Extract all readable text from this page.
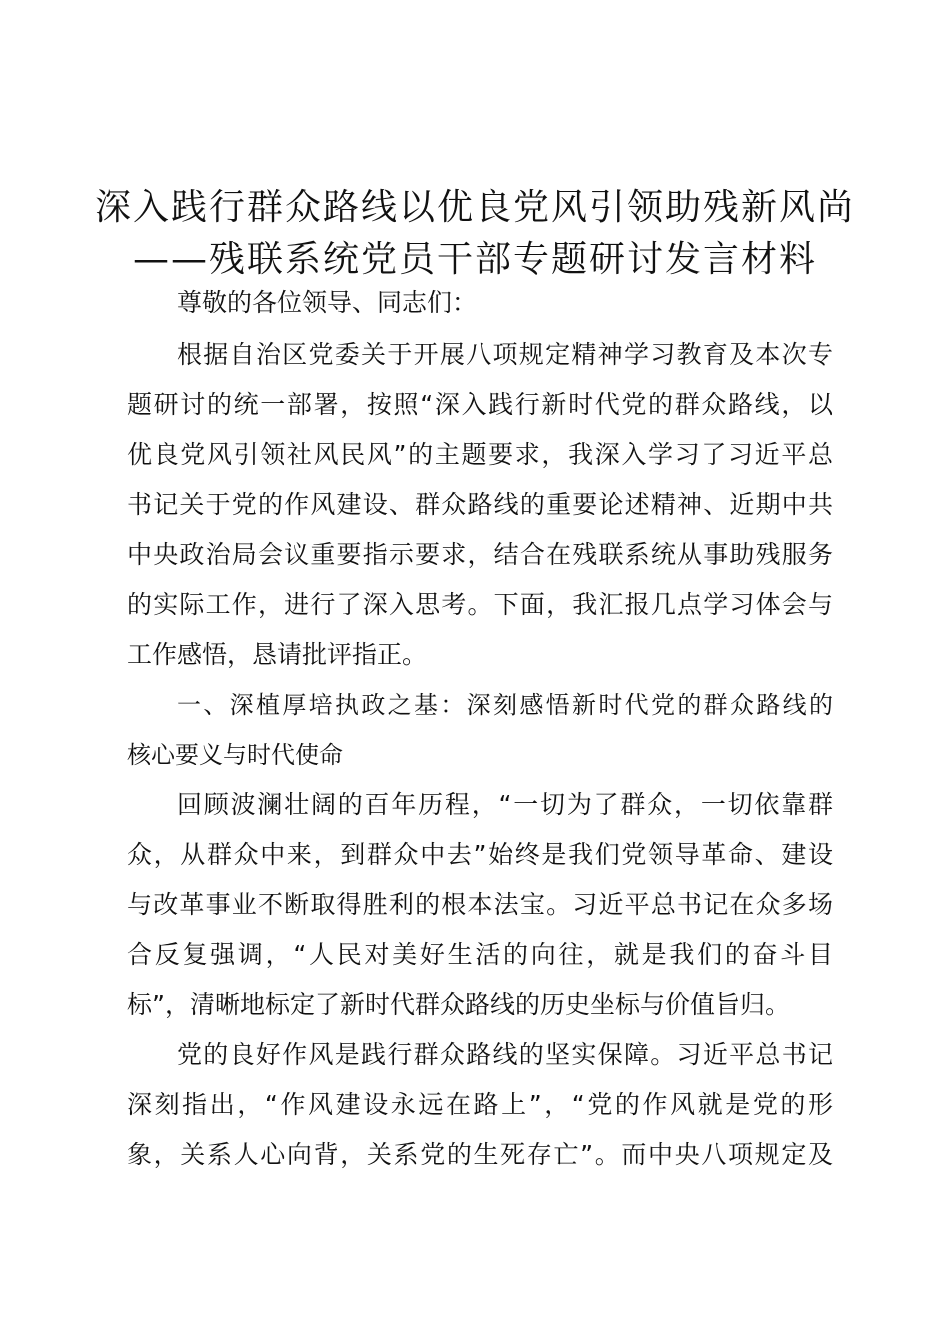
深入践行群众路线以优良党风引领助残新风尚
——残联系统党员干部专题研讨发言材料
尊敬的各位领导、同志们：
根据自治区党委关于开展八项规定精神学习教育及本次专
题研讨的统一部署，按照“深入践行新时代党的群众路线，以
优良党风引领社风民风”的主题要求，我深入学习了习近平总
书记关于党的作风建设、群众路线的重要论述精神、近期中共
中央政治局会议重要指示要求，结合在残联系统从事助残服务
的实际工作，进行了深入思考。下面，我汇报几点学习体会与
工作感悟，恳请批评指正。
一、深植厚培执政之基：深刻感悟新时代党的群众路线的
核心要义与时代使命
回顾波澜壮阔的百年历程，“一切为了群众，一切依靠群
众，从群众中来，到群众中去”始终是我们党领导革命、建设
与改革事业不断取得胜利的根本法宝。习近平总书记在众多场
合反复强调，“人民对美好生活的向往，就是我们的奋斗目
标”，清晰地标定了新时代群众路线的历史坐标与价值旨归。
党的良好作风是践行群众路线的坚实保障。习近平总书记
深刻指出，“作风建设永远在路上”，“党的作风就是党的形
象，关系人心向背，关系党的生死存亡”。而中央八项规定及
